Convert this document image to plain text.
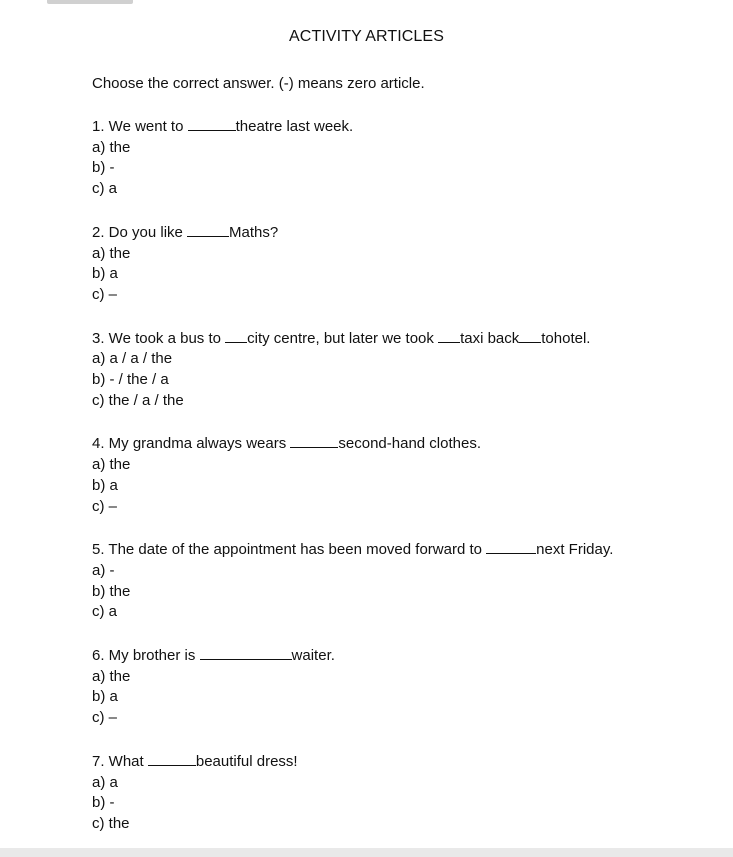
ACTIVITY ARTICLES
Choose the correct answer. (-) means zero article.
1. We went to	theatre last week.
a) the
b) -
c) a
2. Do you like	Maths?
a) the
b) a
c) –
3. We took a bus to city centre, but later we took taxi back tohotel.
a) a / a / the
b) - / the / a
c) the / a / the
4. My grandma always wears	second-hand clothes.
a) the
b) a
c) –
5. The date of the appointment has been moved forward to	next Friday.
a) -
b) the
c) a
6. My brother is	waiter.
a) the
b) a
c) –
7. What	beautiful dress!
a) a
b) -
c) the
